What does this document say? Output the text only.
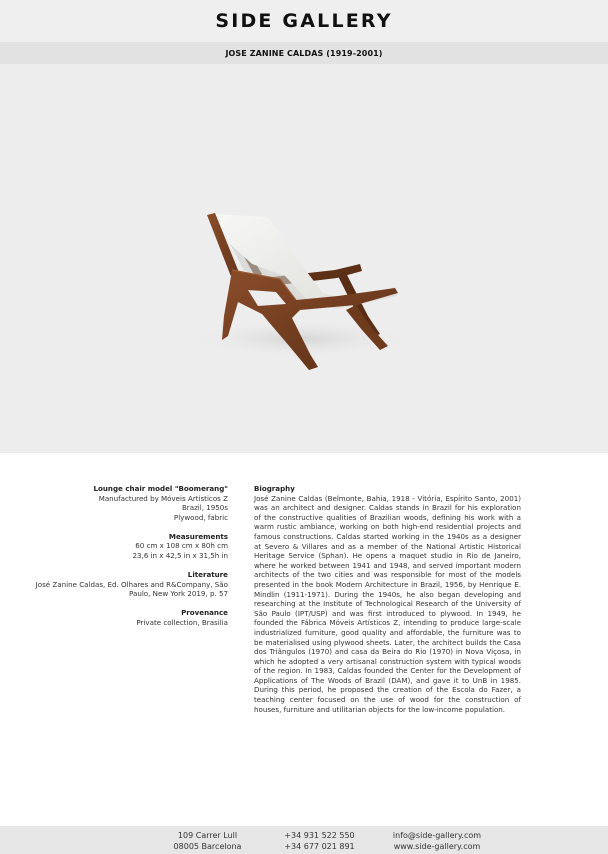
SIDE GALLERY
JOSE ZANINE CALDAS (1919-2001)
Lounge chair model "Boomerang"
Manufactured by Móveis Artisticos Z
Brazil, 1950s
Plywood, fabric
Measurements
60 cm x 108 cm x 80h cm
23,6 in x 42,5 in x 31,5h in
Literature
José Zanine Caldas, Ed. Olhares and R&Company, São
Paulo, New York 2019, p. 57
Provenance
Private collection, Brasilia
Biography
José Zanine Caldas (Belmonte, Bahia, 1918 - Vitória, Espírito Santo, 2001) was an architect and designer. Caldas stands in Brazil for his exploration of the constructive qualities of Brazilian woods, defining his work with a warm rustic ambiance, working on both high-end residential projects and famous constructions. Caldas started working in the 1940s as a designer at Severo & Villares and as a member of the National Artistic Historical Heritage Service (Sphan). He opens a maquet studio in Rio de Janeiro, where he worked between 1941 and 1948, and served important modern architects of the two cities and was responsible for most of the models presented in the book Modern Architecture in Brazil, 1956, by Henrique E. Mindlin (1911-1971). During the 1940s, he also began developing and researching at the Institute of Technological Research of the University of São Paulo (IPT/USP) and was first introduced to plywood. In 1949, he founded the Fábrica Móveis Artísticos Z, intending to produce large-scale industrialized furniture, good quality and affordable, the furniture was to be materialised using plywood sheets. Later, the architect builds the Casa dos Triângulos (1970) and casa da Beira do Rio (1970) in Nova Viçosa, in which he adopted a very artisanal construction system with typical woods of the region. In 1983, Caldas founded the Center for the Development of Applications of The Woods of Brazil (DAM), and gave it to UnB in 1985. During this period, he proposed the creation of the Escola do Fazer, a teaching center focused on the use of wood for the construction of houses, furniture and utilitarian objects for the low-income population.
109 Carrer Lull
08005 Barcelona
+34 931 522 550
+34 677 021 891
info@side-gallery.com
www.side-gallery.com
